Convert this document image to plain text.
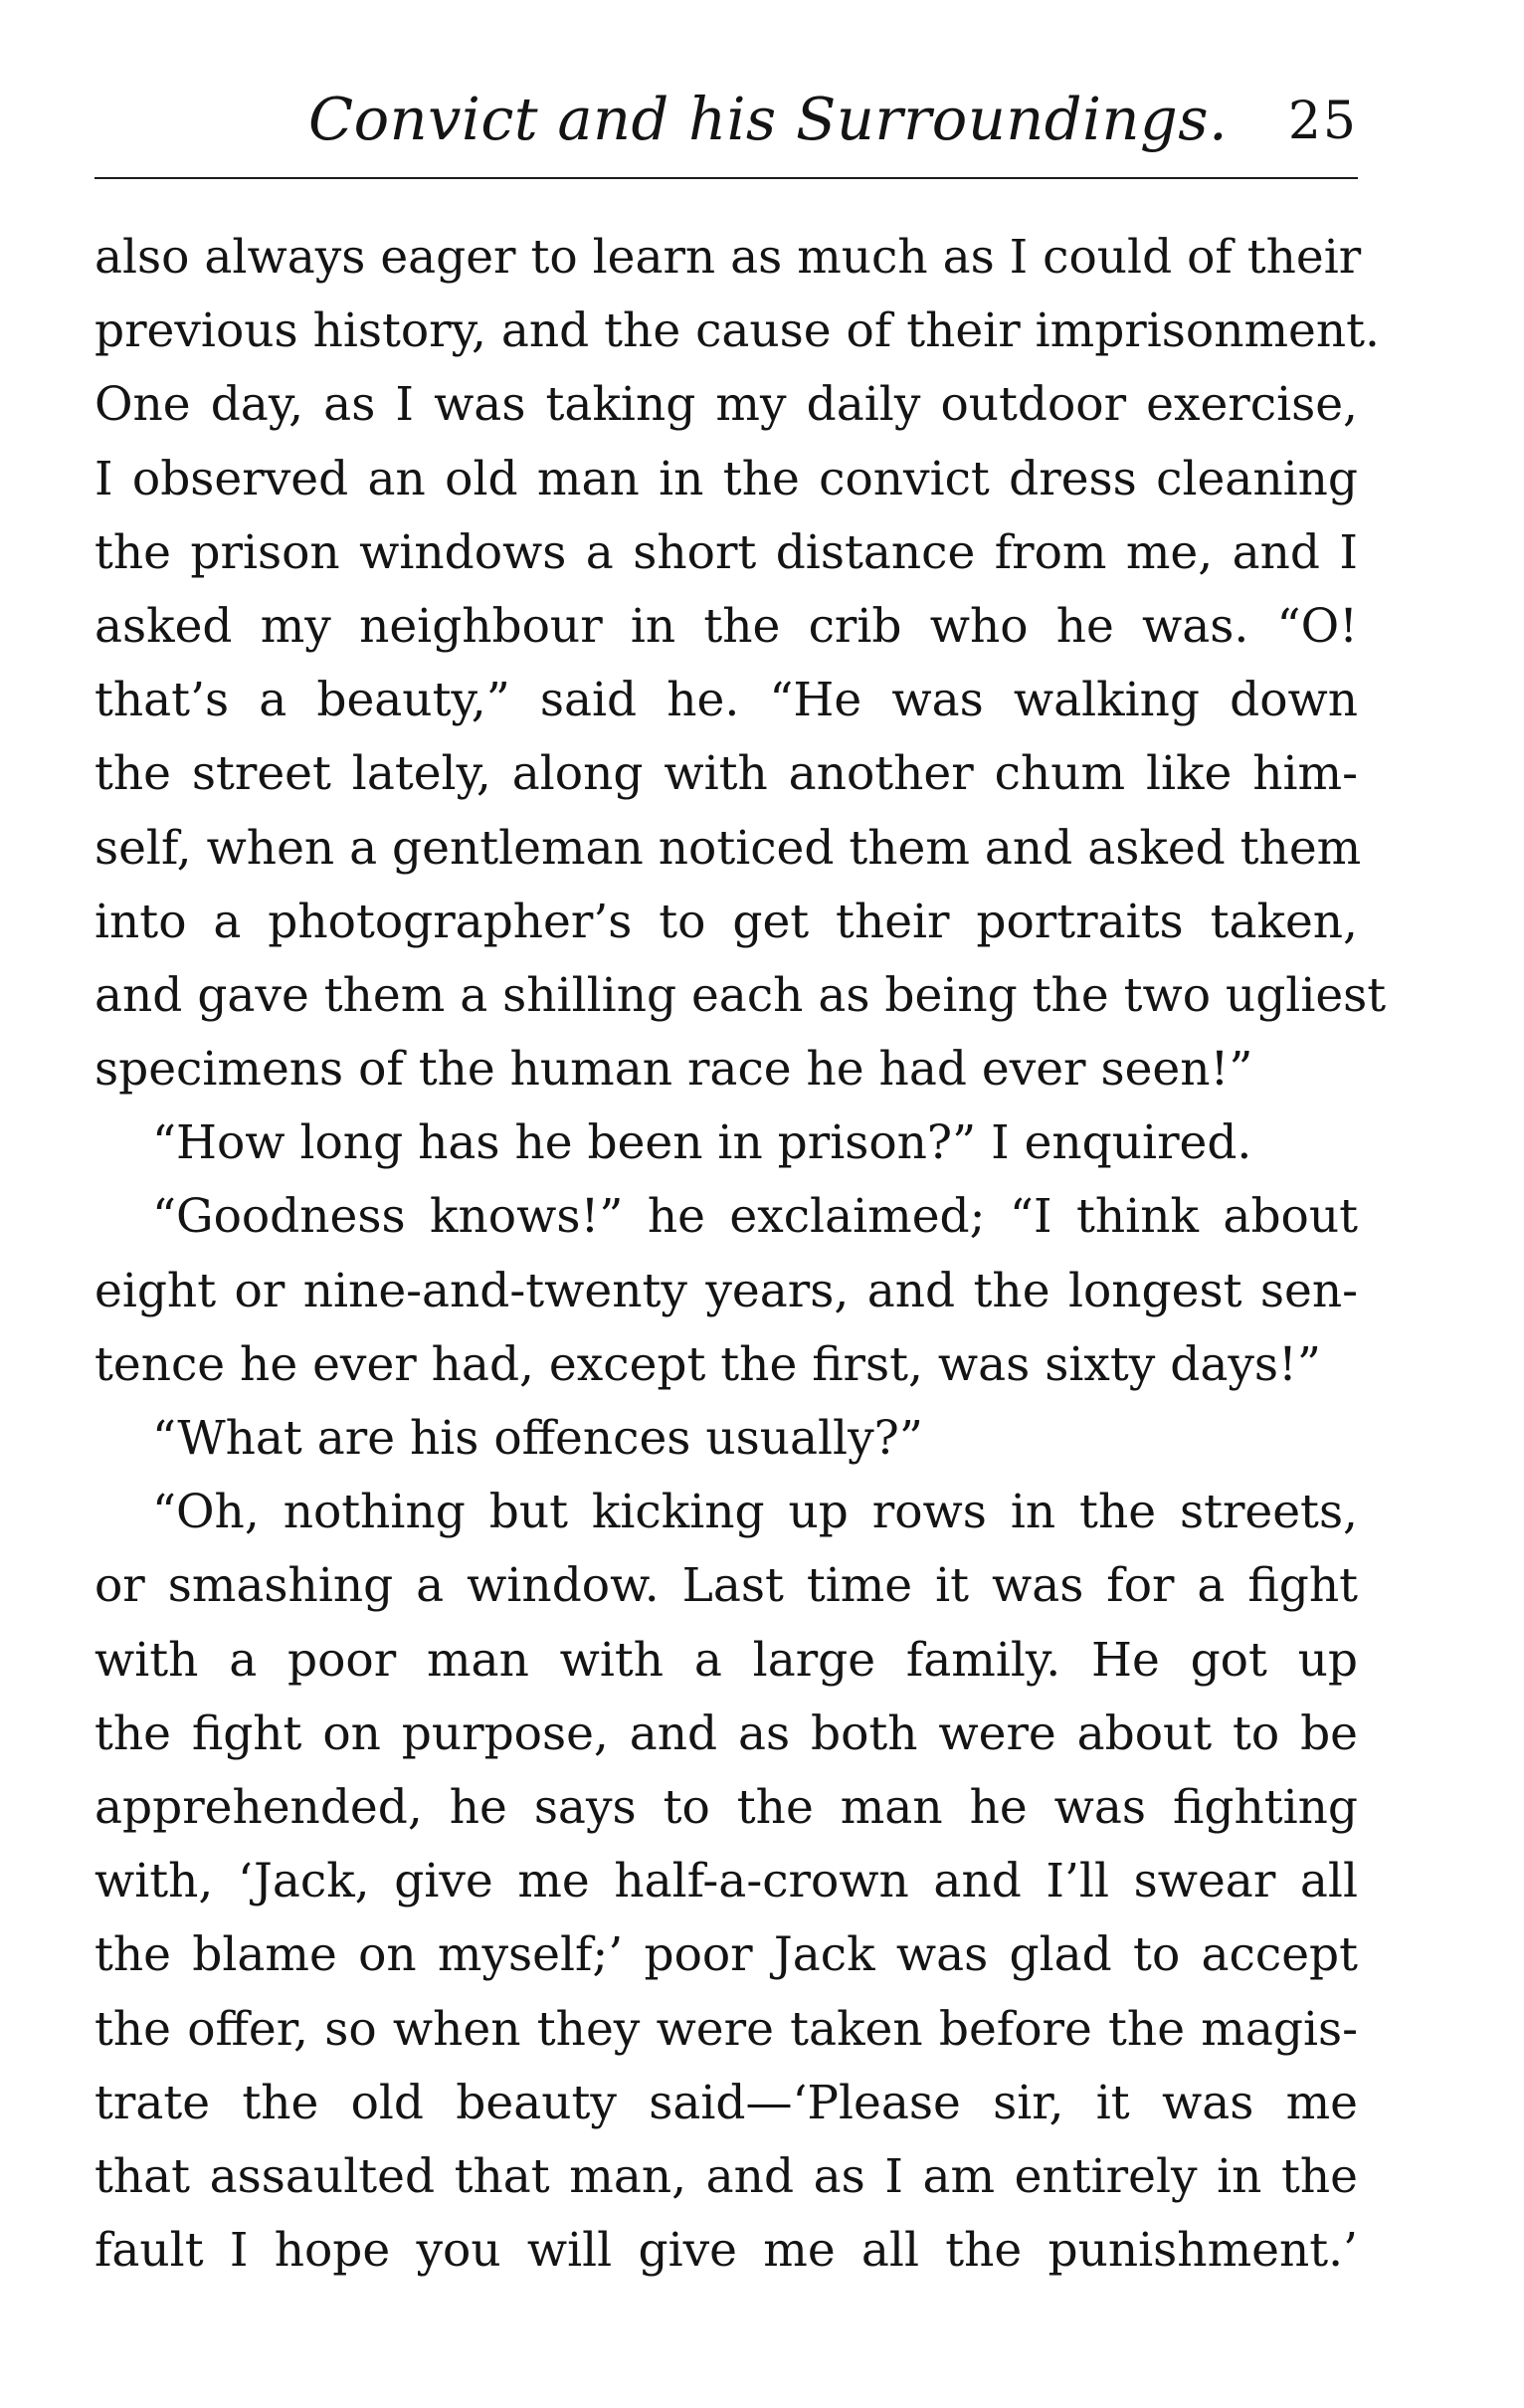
Convict and his Surroundings. 25
also always eager to learn as much as I could of their
previous history, and the cause of their imprisonment.
One day, as I was taking my daily outdoor exercise,
I observed an old man in the convict dress cleaning
the prison windows a short distance from me, and I
asked my neighbour in the crib who he was. “O!
that’s a beauty,” said he. “He was walking down
the street lately, along with another chum like him-
self, when a gentleman noticed them and asked them
into a photographer’s to get their portraits taken,
and gave them a shilling each as being the two ugliest
specimens of the human race he had ever seen!”
“How long has he been in prison?” I enquired.
“Goodness knows!” he exclaimed; “I think about
eight or nine-and-twenty years, and the longest sen-
tence he ever had, except the first, was sixty days!”
“What are his offences usually?”
“Oh, nothing but kicking up rows in the streets,
or smashing a window. Last time it was for a fight
with a poor man with a large family. He got up
the fight on purpose, and as both were about to be
apprehended, he says to the man he was fighting
with, ‘Jack, give me half-a-crown and I’ll swear all
the blame on myself;’ poor Jack was glad to accept
the offer, so when they were taken before the magis-
trate the old beauty said—‘Please sir, it was me
that assaulted that man, and as I am entirely in the
fault I hope you will give me all the punishment.’
